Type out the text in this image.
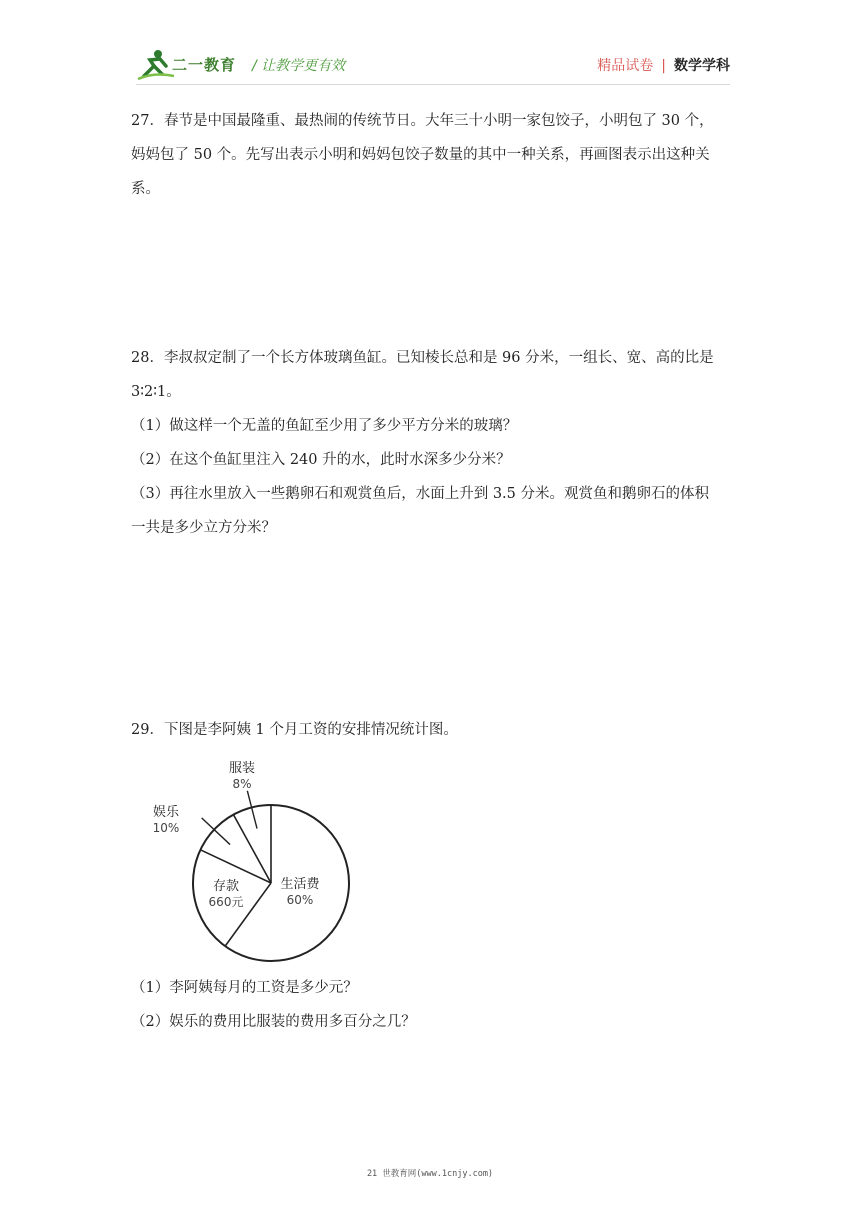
二一教育 / 让教学更有效	精品试卷 | 数学学科

27．春节是中国最隆重、最热闹的传统节日。大年三十小明一家包饺子，小明包了 30 个，

妈妈包了 50 个。先写出表示小明和妈妈包饺子数量的其中一种关系，再画图表示出这种关

系。

28．李叔叔定制了一个长方体玻璃鱼缸。已知棱长总和是 96 分米，一组长、宽、高的比是

3∶2∶1。

（1）做这样一个无盖的鱼缸至少用了多少平方分米的玻璃？

（2）在这个鱼缸里注入 240 升的水，此时水深多少分米？

（3）再往水里放入一些鹅卵石和观赏鱼后，水面上升到 3.5 分米。观赏鱼和鹅卵石的体积

一共是多少立方分米？

29．下图是李阿姨 1 个月工资的安排情况统计图。

生活费
60%
存款
660元
娱乐
10%
服装
8%

（1）李阿姨每月的工资是多少元？

（2）娱乐的费用比服装的费用多百分之几？

21 世教育网(www.1cnjy.com)
